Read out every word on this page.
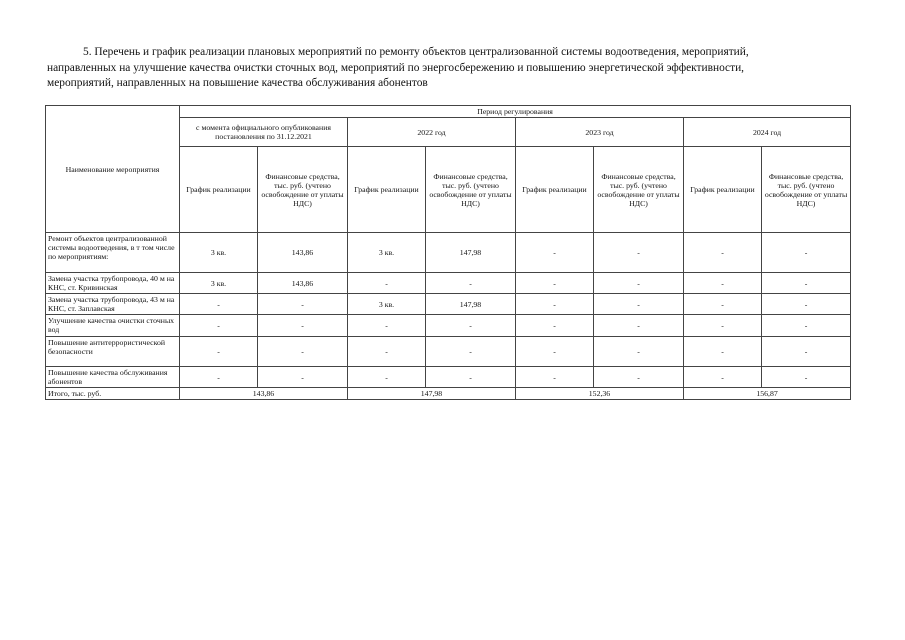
5. Перечень и график реализации плановых мероприятий по ремонту объектов централизованной системы водоотведения, мероприятий,
направленных на улучшение качества очистки сточных вод, мероприятий по энергосбережению и повышению энергетической эффективности,
мероприятий, направленных на повышение качества обслуживания абонентов
Наименование мероприятия	Период регулирования							
	с момента официального опубликования постановления по 31.12.2021		2022 год		2023 год		2024 год	
	График реализации	Финансовые средства, тыс. руб. (учтено освобождение от уплаты НДС)	График реализации	Финансовые средства, тыс. руб. (учтено освобождение от уплаты НДС)	График реализации	Финансовые средства, тыс. руб. (учтено освобождение от уплаты НДС)	График реализации	Финансовые средства, тыс. руб. (учтено освобождение от уплаты НДС)
Ремонт объектов централизованной системы водоотведения, в т том числе по мероприятиям:	3 кв.	143,86	3 кв.	147,98	-	-	-	-
Замена участка трубопровода, 40 м на КНС, ст. Кривинская	3 кв.	143,86	-	-	-	-	-	-
Замена участка трубопровода, 43 м на КНС, ст. Заплавская	-	-	3 кв.	147,98	-	-	-	-
Улучшение качества очистки сточных вод	-	-	-	-	-	-	-	-
Повышение антитеррористической безопасности	-	-	-	-	-	-	-	-
Повышение качества обслуживания абонентов	-	-	-	-	-	-	-	-
Итого, тыс. руб.	143,86		147,98		152,36		156,87	
